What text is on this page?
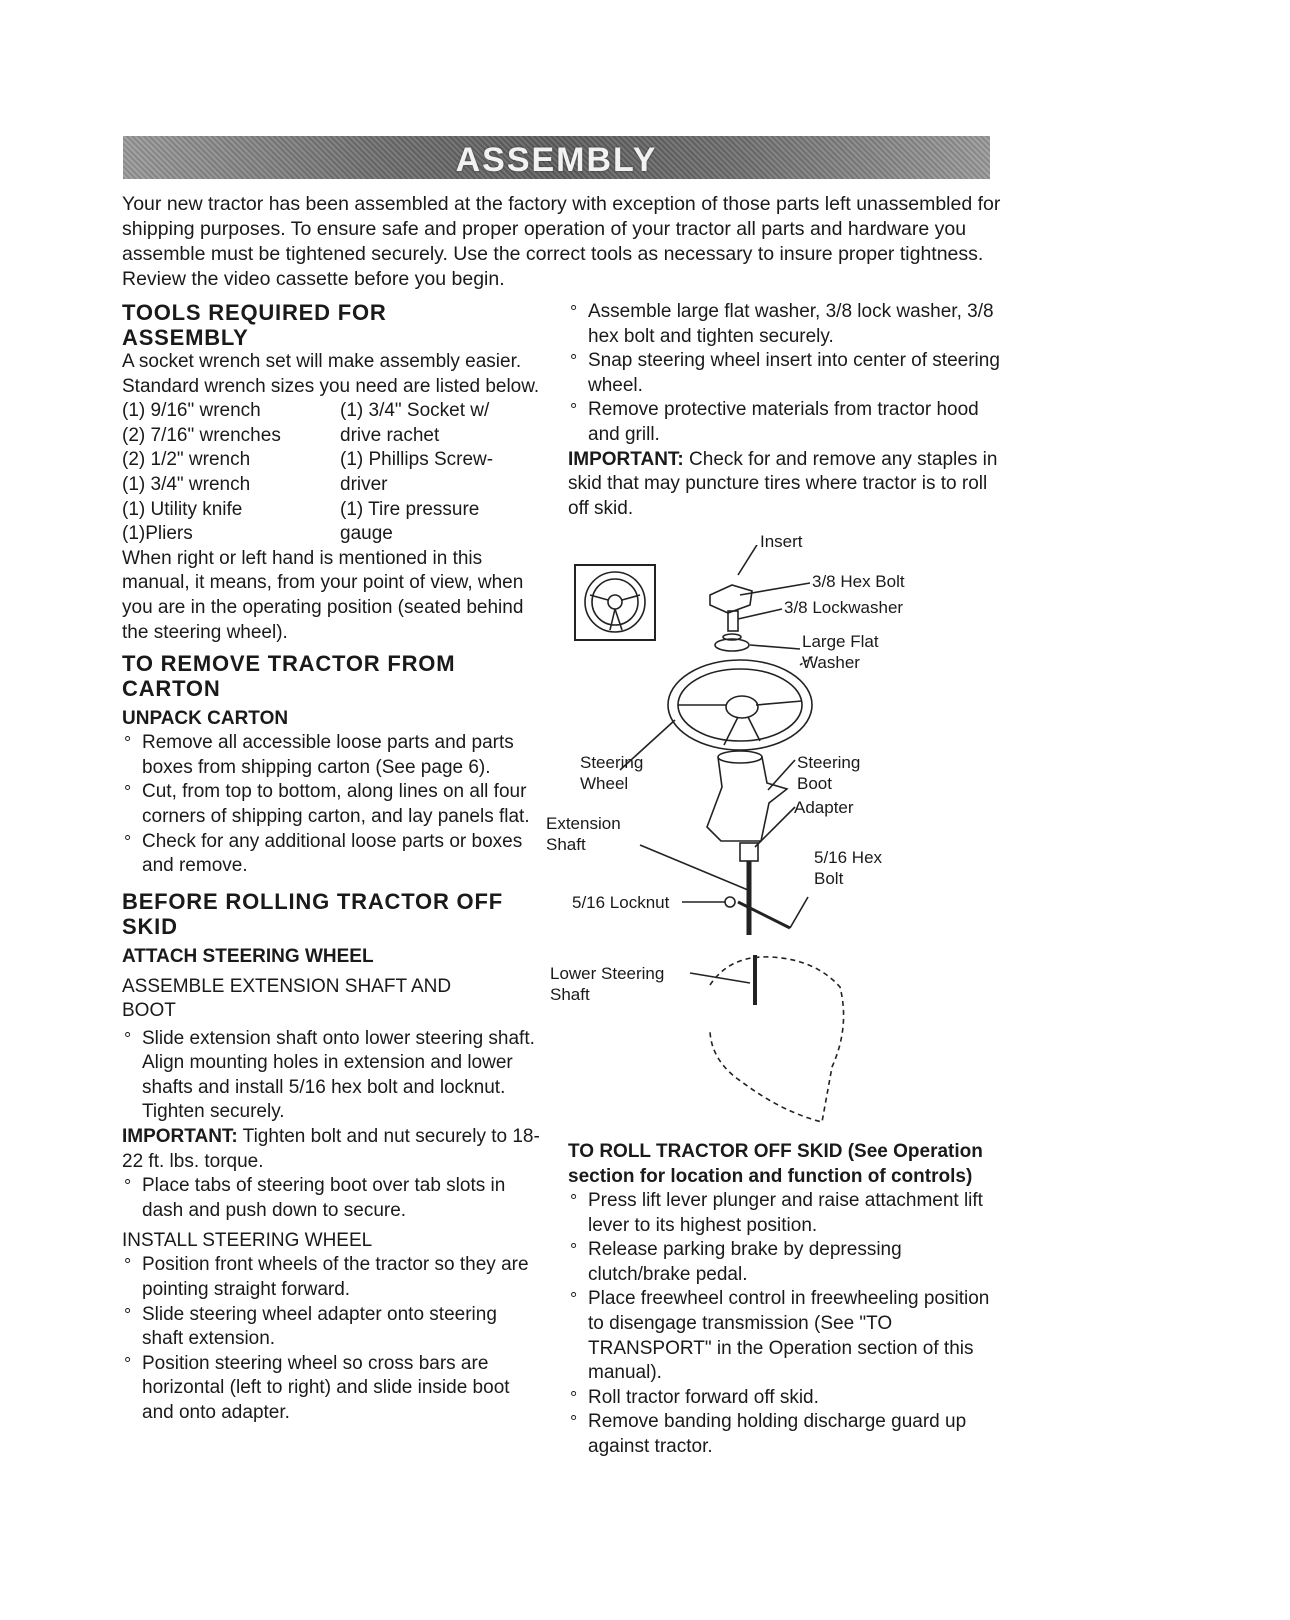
ASSEMBLY

Your new tractor has been assembled at the factory with exception of those parts left unassembled for shipping purposes. To ensure safe and proper operation of your tractor all parts and hardware you assemble must be tightened securely. Use the correct tools as necessary to insure proper tightness. Review the video cassette before you begin.

TOOLS REQUIRED FOR ASSEMBLY

A socket wrench set will make assembly easier. Standard wrench sizes you need are listed below.

(1) 9/16" wrench	(1) 3/4" Socket w/
(2) 7/16" wrenches	drive rachet
(2) 1/2" wrench	(1) Phillips Screw-
(1) 3/4" wrench	driver
(1) Utility knife	(1) Tire pressure
(1)Pliers	gauge

When right or left hand is mentioned in this manual, it means, from your point of view, when you are in the operating position (seated behind the steering wheel).

TO REMOVE TRACTOR FROM CARTON
UNPACK CARTON
° Remove all accessible loose parts and parts boxes from shipping carton (See page 6).
° Cut, from top to bottom, along lines on all four corners of shipping carton, and lay panels flat.
° Check for any additional loose parts or boxes and remove.
BEFORE ROLLING TRACTOR OFF SKID
ATTACH STEERING WHEEL
ASSEMBLE EXTENSION SHAFT AND BOOT
° Slide extension shaft onto lower steering shaft. Align mounting holes in extension and lower shafts and install 5/16 hex bolt and locknut. Tighten securely.

IMPORTANT: Tighten bolt and nut securely to 18-22 ft. lbs. torque.

° Place tabs of steering boot over tab slots in dash and push down to secure.
INSTALL STEERING WHEEL
° Position front wheels of the tractor so they are pointing straight forward.
° Slide steering wheel adapter onto steering shaft extension.
° Position steering wheel so cross bars are horizontal (left to right) and slide inside boot and onto adapter.
° Assemble large flat washer, 3/8 lock washer, 3/8 hex bolt and tighten securely.
° Snap steering wheel insert into center of steering wheel.
° Remove protective materials from tractor hood and grill.

IMPORTANT: Check for and remove any staples in skid that may puncture tires where tractor is to roll off skid.

Insert
3/8 Hex Bolt
3/8 Lockwasher
Large Flat Washer
Steering Wheel
Steering Boot
Adapter
Extension Shaft
5/16 Hex Bolt
5/16 Locknut
Lower Steering Shaft
TO ROLL TRACTOR OFF SKID (See Operation section for location and function of controls)
° Press lift lever plunger and raise attachment lift lever to its highest position.
° Release parking brake by depressing clutch/brake pedal.
° Place freewheel control in freewheeling position to disengage transmission (See "TO TRANSPORT" in the Operation section of this manual).
° Roll tractor forward off skid.
° Remove banding holding discharge guard up against tractor.
